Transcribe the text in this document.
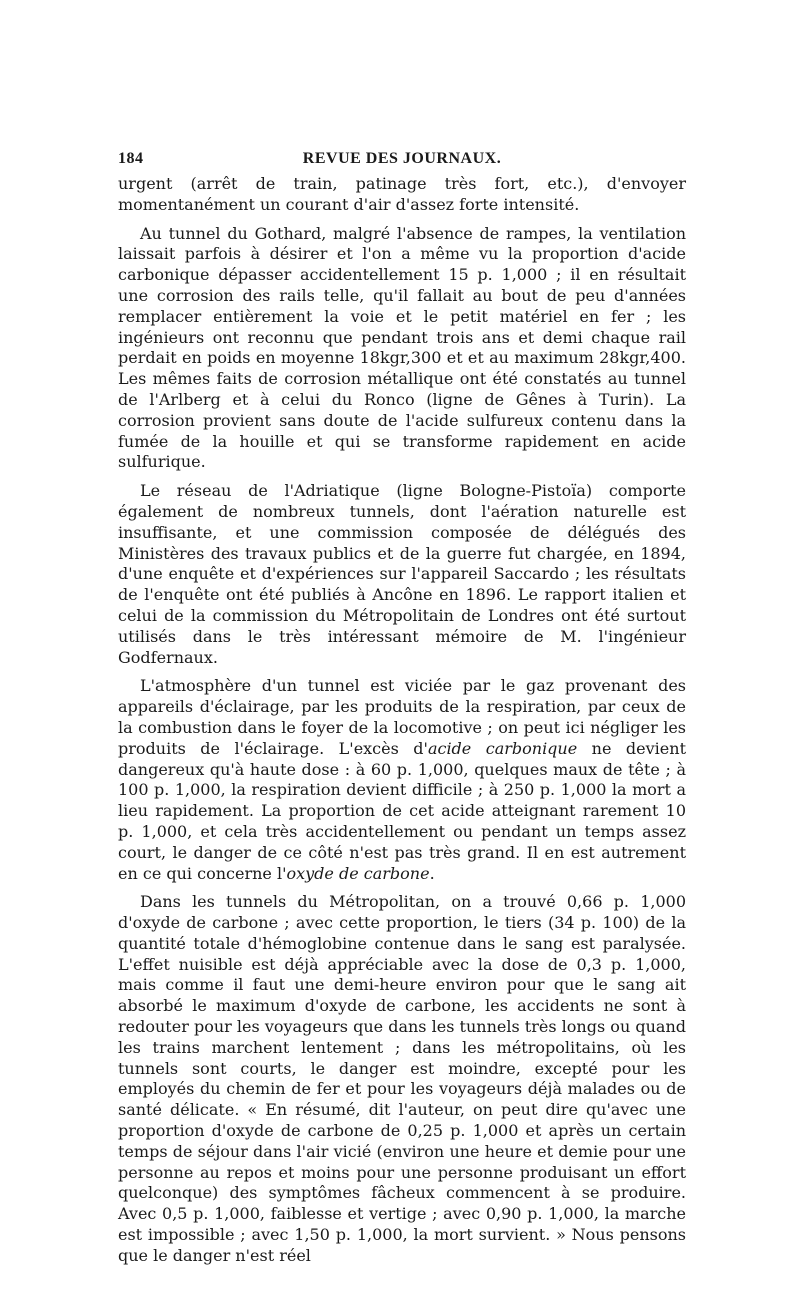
184	REVUE DES JOURNAUX.

urgent (arrêt de train, patinage très fort, etc.), d'envoyer momentanément un courant d'air d'assez forte intensité.

Au tunnel du Gothard, malgré l'absence de rampes, la ventilation laissait parfois à désirer et l'on a même vu la proportion d'acide carbonique dépasser accidentellement 15 p. 1,000 ; il en résultait une corrosion des rails telle, qu'il fallait au bout de peu d'années remplacer entièrement la voie et le petit matériel en fer ; les ingénieurs ont reconnu que pendant trois ans et demi chaque rail perdait en poids en moyenne 18kgr,300 et et au maximum 28kgr,400. Les mêmes faits de corrosion métallique ont été constatés au tunnel de l'Arlberg et à celui du Ronco (ligne de Gênes à Turin). La corrosion provient sans doute de l'acide sulfureux contenu dans la fumée de la houille et qui se transforme rapidement en acide sulfurique.

Le réseau de l'Adriatique (ligne Bologne-Pistoïa) comporte également de nombreux tunnels, dont l'aération naturelle est insuffisante, et une commission composée de délégués des Ministères des travaux publics et de la guerre fut chargée, en 1894, d'une enquête et d'expériences sur l'appareil Saccardo ; les résultats de l'enquête ont été publiés à Ancône en 1896. Le rapport italien et celui de la commission du Métropolitain de Londres ont été surtout utilisés dans le très intéressant mémoire de M. l'ingénieur Godfernaux.

L'atmosphère d'un tunnel est viciée par le gaz provenant des appareils d'éclairage, par les produits de la respiration, par ceux de la combustion dans le foyer de la locomotive ; on peut ici négliger les produits de l'éclairage. L'excès d'acide carbonique ne devient dangereux qu'à haute dose : à 60 p. 1,000, quelques maux de tête ; à 100 p. 1,000, la respiration devient difficile ; à 250 p. 1,000 la mort a lieu rapidement. La proportion de cet acide atteignant rarement 10 p. 1,000, et cela très accidentellement ou pendant un temps assez court, le danger de ce côté n'est pas très grand. Il en est autrement en ce qui concerne l'oxyde de carbone.

Dans les tunnels du Métropolitan, on a trouvé 0,66 p. 1,000 d'oxyde de carbone ; avec cette proportion, le tiers (34 p. 100) de la quantité totale d'hémoglobine contenue dans le sang est paralysée. L'effet nuisible est déjà appréciable avec la dose de 0,3 p. 1,000, mais comme il faut une demi-heure environ pour que le sang ait absorbé le maximum d'oxyde de carbone, les accidents ne sont à redouter pour les voyageurs que dans les tunnels très longs ou quand les trains marchent lentement ; dans les métropolitains, où les tunnels sont courts, le danger est moindre, excepté pour les employés du chemin de fer et pour les voyageurs déjà malades ou de santé délicate. « En résumé, dit l'auteur, on peut dire qu'avec une proportion d'oxyde de carbone de 0,25 p. 1,000 et après un certain temps de séjour dans l'air vicié (environ une heure et demie pour une personne au repos et moins pour une personne produisant un effort quelconque) des symptômes fâcheux commencent à se produire. Avec 0,5 p. 1,000, faiblesse et vertige ; avec 0,90 p. 1,000, la marche est impossible ; avec 1,50 p. 1,000, la mort survient. » Nous pensons que le danger n'est réel
